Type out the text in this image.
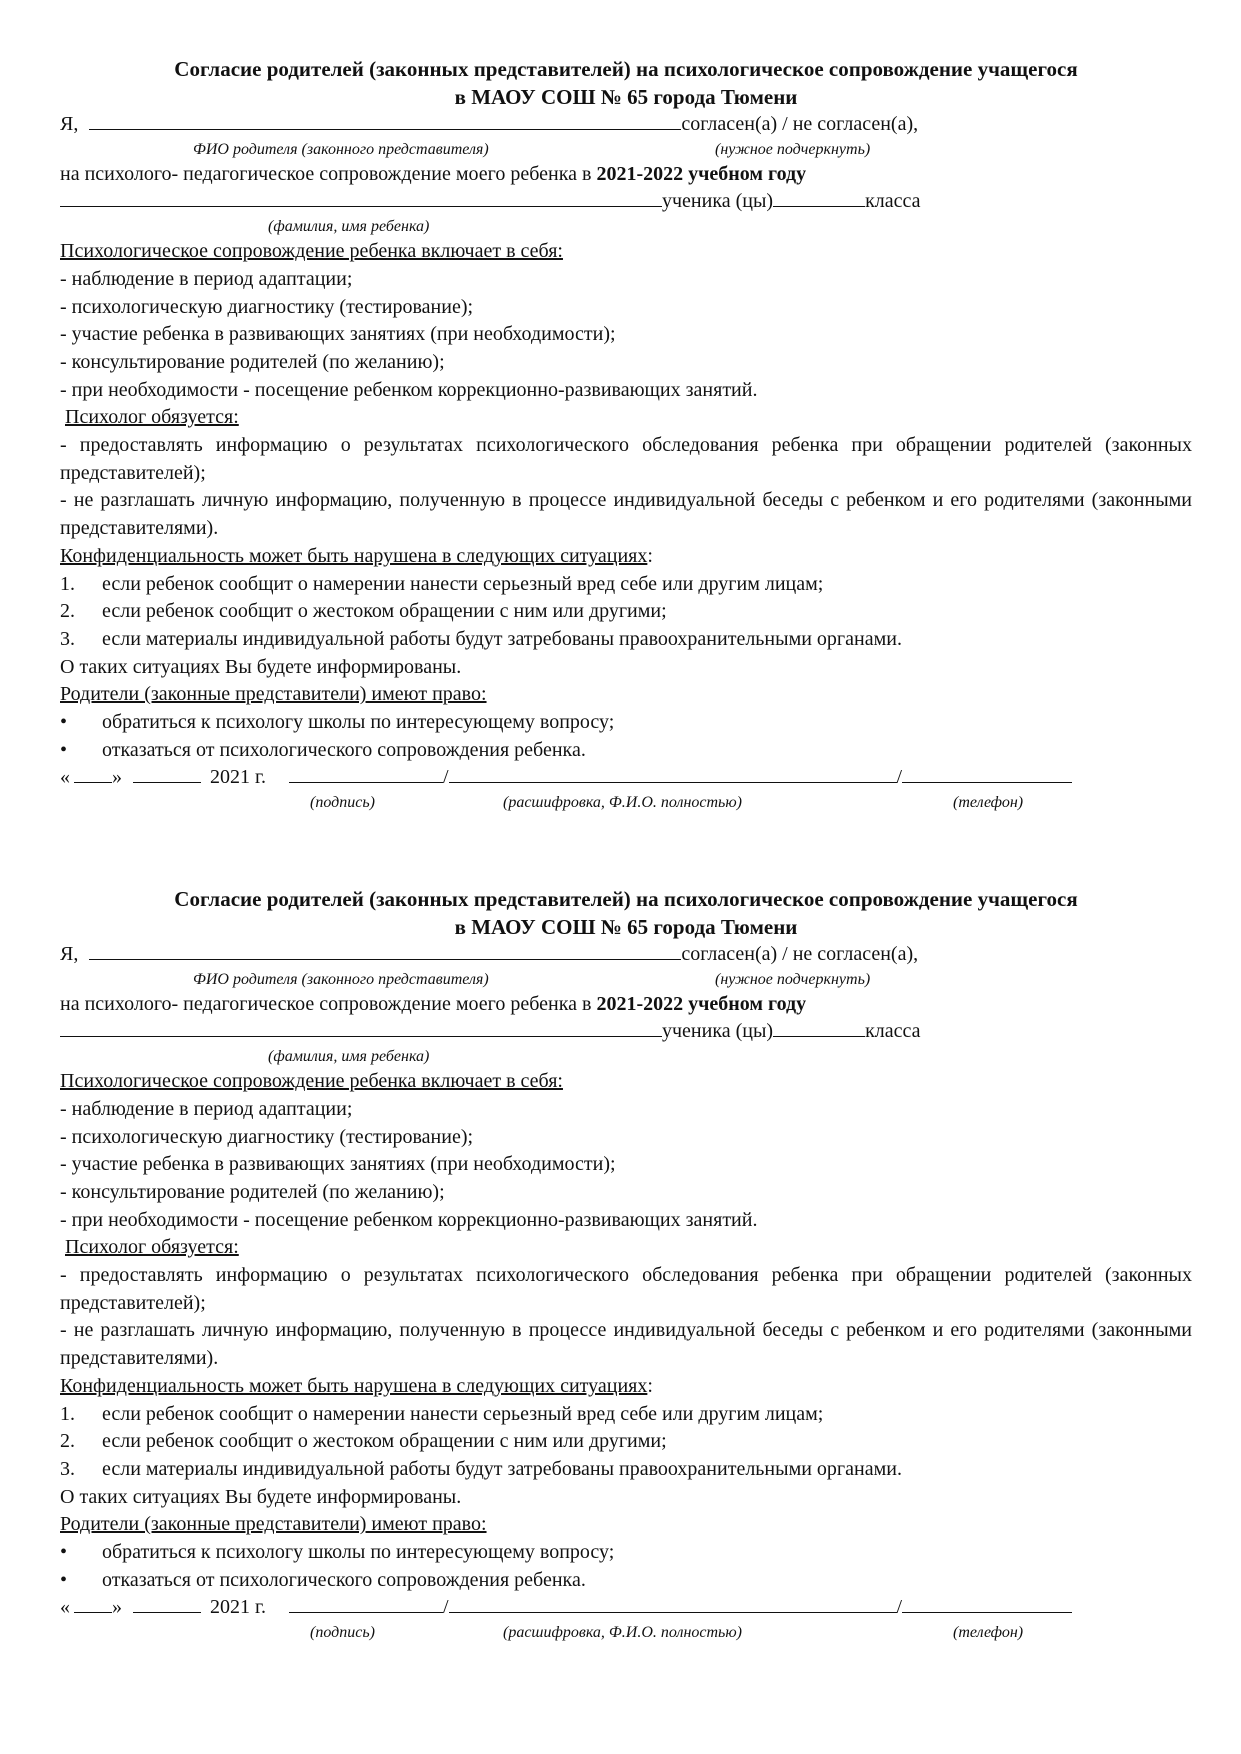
Согласие родителей (законных представителей) на психологическое сопровождение учащегося
в МАОУ СОШ № 65 города Тюмени
Я,	согласен(а) / не согласен(а),
ФИО родителя (законного представителя)	(нужное подчеркнуть)
на психолого- педагогическое сопровождение моего ребенка в 2021-2022 учебном году
ученика (цы)	класса
(фамилия, имя ребенка)
Психологическое сопровождение ребенка включает в себя:
- наблюдение в период адаптации;
- психологическую диагностику (тестирование);
- участие ребенка в развивающих занятиях (при необходимости);
- консультирование родителей (по желанию);
- при необходимости - посещение ребенком коррекционно-развивающих занятий.
Психолог обязуется:
- предоставлять информацию о результатах психологического обследования ребенка при обращении родителей (законных представителей);
- не разглашать личную информацию, полученную в процессе индивидуальной беседы с ребенком и его родителями (законными представителями).
Конфиденциальность может быть нарушена в следующих ситуациях:
1. если ребенок сообщит о намерении нанести серьезный вред себе или другим лицам;
2. если ребенок сообщит о жестоком обращении с ним или другими;
3. если материалы индивидуальной работы будут затребованы правоохранительными органами.
О таких ситуациях Вы будете информированы.
Родители (законные представители) имеют право:
• обратиться к психологу школы по интересующему вопросу;
• отказаться от психологического сопровождения ребенка.
« »	2021 г.	/	/
(подпись)	(расшифровка, Ф.И.О. полностью)	(телефон)
Согласие родителей (законных представителей) на психологическое сопровождение учащегося
в МАОУ СОШ № 65 города Тюмени
Я,	согласен(а) / не согласен(а),
ФИО родителя (законного представителя)	(нужное подчеркнуть)
на психолого- педагогическое сопровождение моего ребенка в 2021-2022 учебном году
ученика (цы)	класса
(фамилия, имя ребенка)
Психологическое сопровождение ребенка включает в себя:
- наблюдение в период адаптации;
- психологическую диагностику (тестирование);
- участие ребенка в развивающих занятиях (при необходимости);
- консультирование родителей (по желанию);
- при необходимости - посещение ребенком коррекционно-развивающих занятий.
Психолог обязуется:
- предоставлять информацию о результатах психологического обследования ребенка при обращении родителей (законных представителей);
- не разглашать личную информацию, полученную в процессе индивидуальной беседы с ребенком и его родителями (законными представителями).
Конфиденциальность может быть нарушена в следующих ситуациях:
1. если ребенок сообщит о намерении нанести серьезный вред себе или другим лицам;
2. если ребенок сообщит о жестоком обращении с ним или другими;
3. если материалы индивидуальной работы будут затребованы правоохранительными органами.
О таких ситуациях Вы будете информированы.
Родители (законные представители) имеют право:
• обратиться к психологу школы по интересующему вопросу;
• отказаться от психологического сопровождения ребенка.
« »	2021 г.	/	/
(подпись)	(расшифровка, Ф.И.О. полностью)	(телефон)
